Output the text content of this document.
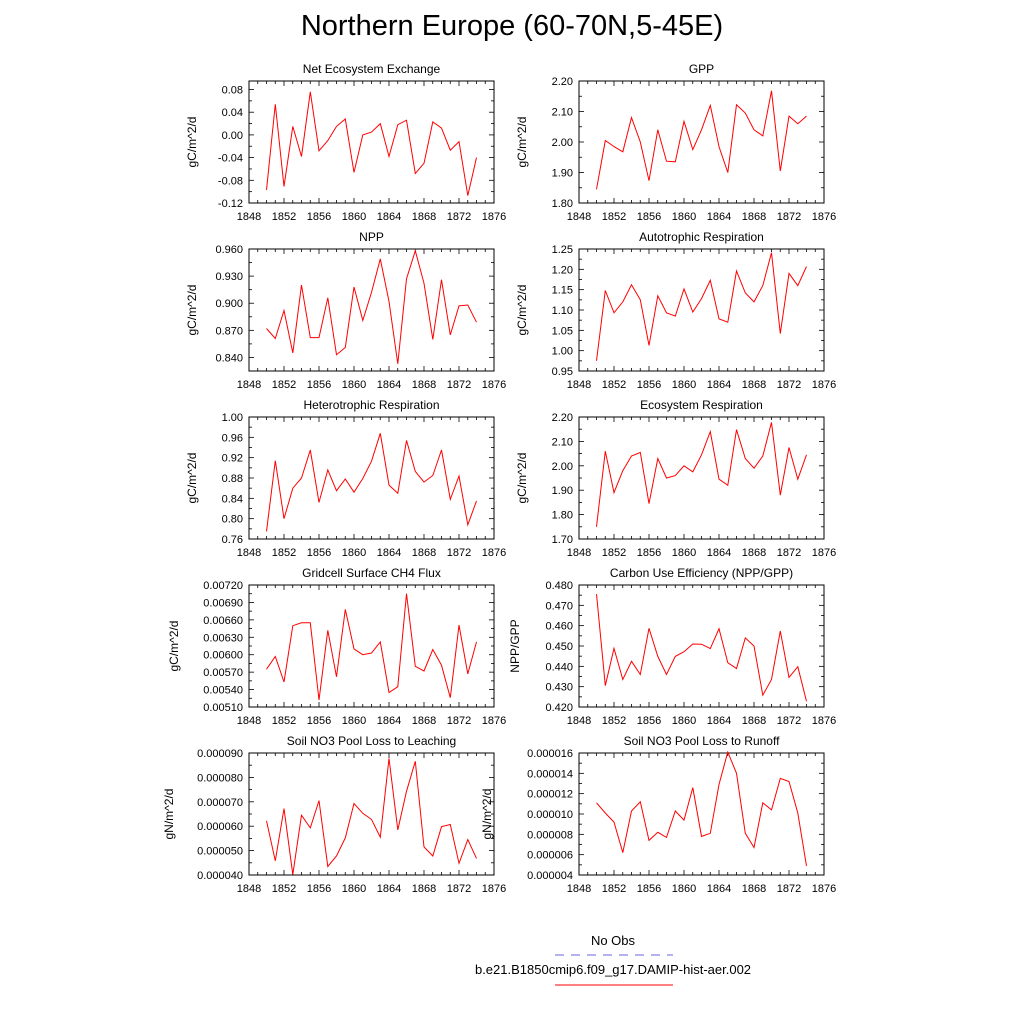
Northern Europe (60-70N,5-45E)
Net Ecosystem Exchange
gC/m^2/d
1848 1852 1856 1860 1864 1868 1872 1876
-0.12
-0.08
-0.04
0.00
0.04
0.08
GPP
gC/m^2/d
1848 1852 1856 1860 1864 1868 1872 1876
1.80
1.90
2.00
2.10
2.20
NPP
gC/m^2/d
1848 1852 1856 1860 1864 1868 1872 1876
0.840
0.870
0.900
0.930
0.960
Autotrophic Respiration
gC/m^2/d
1848 1852 1856 1860 1864 1868 1872 1876
0.95
1.00
1.05
1.10
1.15
1.20
1.25
Heterotrophic Respiration
gC/m^2/d
1848 1852 1856 1860 1864 1868 1872 1876
0.76
0.80
0.84
0.88
0.92
0.96
1.00
Ecosystem Respiration
gC/m^2/d
1848 1852 1856 1860 1864 1868 1872 1876
1.70
1.80
1.90
2.00
2.10
2.20
Gridcell Surface CH4 Flux
gC/m^2/d
1848 1852 1856 1860 1864 1868 1872 1876
0.00510
0.00540
0.00570
0.00600
0.00630
0.00660
0.00690
0.00720
Carbon Use Efficiency (NPP/GPP)
NPP/GPP
1848 1852 1856 1860 1864 1868 1872 1876
0.420
0.430
0.440
0.450
0.460
0.470
0.480
Soil NO3 Pool Loss to Leaching
gN/m^2/d
1848 1852 1856 1860 1864 1868 1872 1876
0.000040
0.000050
0.000060
0.000070
0.000080
0.000090
Soil NO3 Pool Loss to Runoff
gN/m^2/d
1848 1852 1856 1860 1864 1868 1872 1876
0.000004
0.000006
0.000008
0.000010
0.000012
0.000014
0.000016
No Obs
b.e21.B1850cmip6.f09_g17.DAMIP-hist-aer.002
